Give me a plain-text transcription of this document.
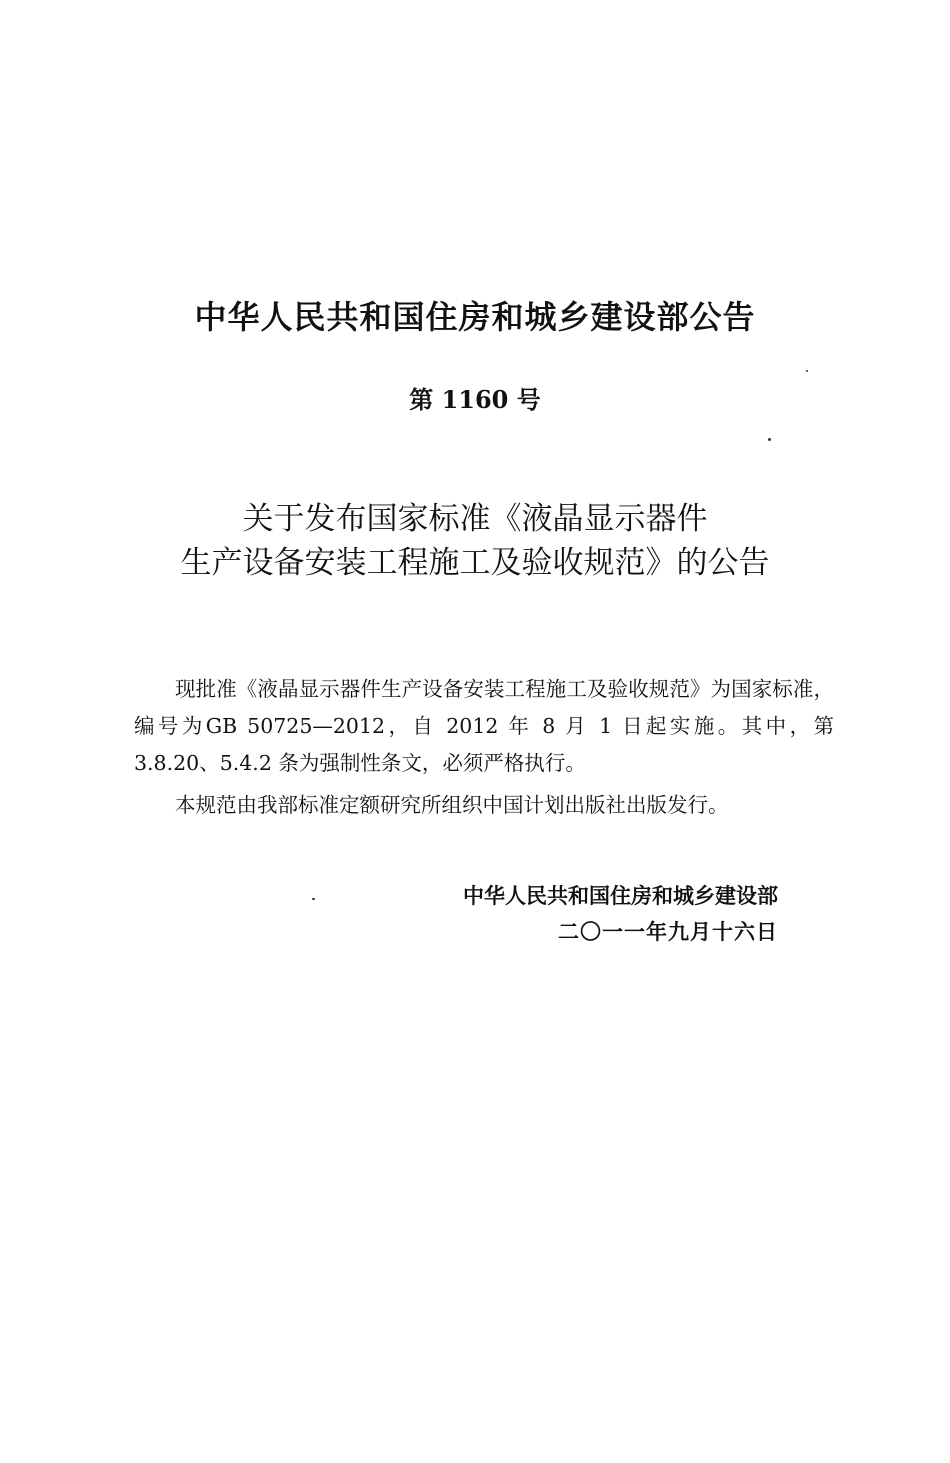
中华人民共和国住房和城乡建设部公告
第 1160 号
关于发布国家标准《液晶显示器件
生产设备安装工程施工及验收规范》的公告

现批准《液晶显示器件生产设备安装工程施工及验收规范》为国家标准，编号为GB 50725—2012，自 2012 年 8 月 1 日起实施。其中，第 3.8.20、5.4.2 条为强制性条文，必须严格执行。

本规范由我部标准定额研究所组织中国计划出版社出版发行。

中华人民共和国住房和城乡建设部
二〇一一年九月十六日
